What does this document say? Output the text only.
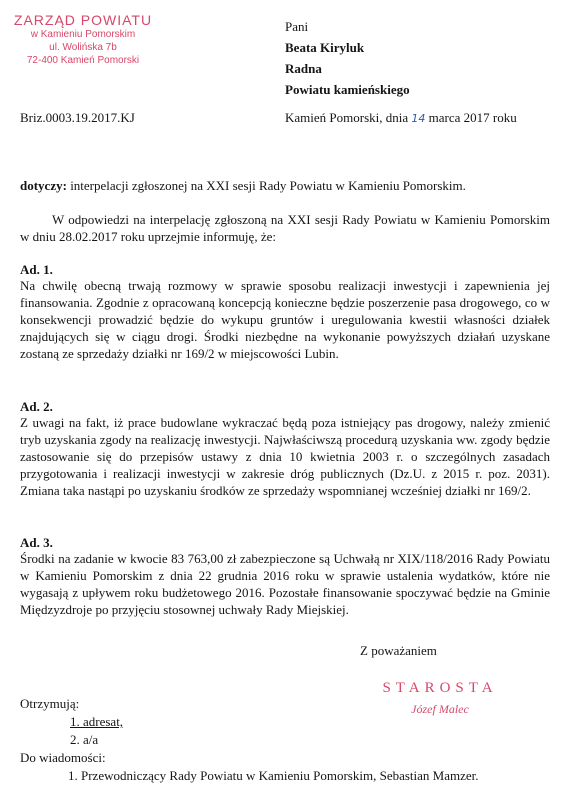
ZARZĄD POWIATU
w Kamieniu Pomorskim
ul. Wolińska 7b
72-400 Kamień Pomorski
Pani
Beata Kiryluk
Radna
Powiatu kamieńskiego
Briz.0003.19.2017.KJ	Kamień Pomorski, dnia 14 marca 2017 roku
dotyczy: interpelacji zgłoszonej na XXI sesji Rady Powiatu w Kamieniu Pomorskim.
W odpowiedzi na interpelację zgłoszoną na XXI sesji Rady Powiatu w Kamieniu Pomorskim w dniu 28.02.2017 roku uprzejmie informuję, że:
Ad. 1.
Na chwilę obecną trwają rozmowy w sprawie sposobu realizacji inwestycji i zapewnienia jej finansowania. Zgodnie z opracowaną koncepcją konieczne będzie poszerzenie pasa drogowego, co w konsekwencji prowadzić będzie do wykupu gruntów i uregulowania kwestii własności działek znajdujących się w ciągu drogi. Środki niezbędne na wykonanie powyższych działań uzyskane zostaną ze sprzedaży działki nr 169/2 w miejscowości Lubin.
Ad. 2.
Z uwagi na fakt, iż prace budowlane wykraczać będą poza istniejący pas drogowy, należy zmienić tryb uzyskania zgody na realizację inwestycji. Najwłaściwszą procedurą uzyskania ww. zgody będzie zastosowanie się do przepisów ustawy z dnia 10 kwietnia 2003 r. o szczególnych zasadach przygotowania i realizacji inwestycji w zakresie dróg publicznych (Dz.U. z 2015 r. poz. 2031). Zmiana taka nastąpi po uzyskaniu środków ze sprzedaży wspomnianej wcześniej działki nr 169/2.
Ad. 3.
Środki na zadanie w kwocie 83 763,00 zł zabezpieczone są Uchwałą nr XIX/118/2016 Rady Powiatu w Kamieniu Pomorskim z dnia 22 grudnia 2016 roku w sprawie ustalenia wydatków, które nie wygasają z upływem roku budżetowego 2016. Pozostałe finansowanie spoczywać będzie na Gminie Międzyzdroje po przyjęciu stosownej uchwały Rady Miejskiej.
Z poważaniem
STAROSTA
Józef Malec
Otrzymują:
1. adresat,
2. a/a
Do wiadomości:
1. Przewodniczący Rady Powiatu w Kamieniu Pomorskim, Sebastian Mamzer.
